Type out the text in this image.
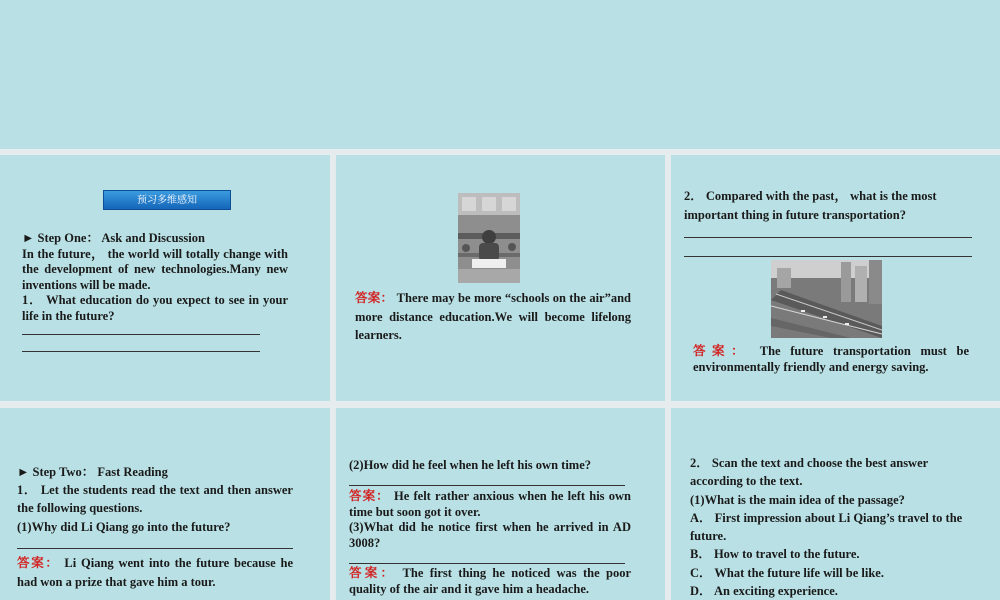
预习多维感知
► Step One： Ask and Discussion
In the future， the world will totally change with the development of new technologies.Many new inventions will be made.
1． What education do you expect to see in your life in the future?
答案： There may be more “schools on the air”and more distance education.We will become lifelong learners.
2． Compared with the past， what is the most important thing in future transportation?
答案： The future transportation must be environmentally friendly and energy saving.
► Step Two： Fast Reading
1． Let the students read the text and then answer the following questions.
(1)Why did Li Qiang go into the future?
答案： Li Qiang went into the future because he had won a prize that gave him a tour.
(2)How did he feel when he left his own time?
答案： He felt rather anxious when he left his own time but soon got it over.
(3)What did he notice first when he arrived in AD 3008?
答案： The first thing he noticed was the poor quality of the air and it gave him a headache.
2． Scan the text and choose the best answer according to the text.
(1)What is the main idea of the passage?
A． First impression about Li Qiang’s travel to the future.
B． How to travel to the future.
C． What the future life will be like.
D． An exciting experience.
